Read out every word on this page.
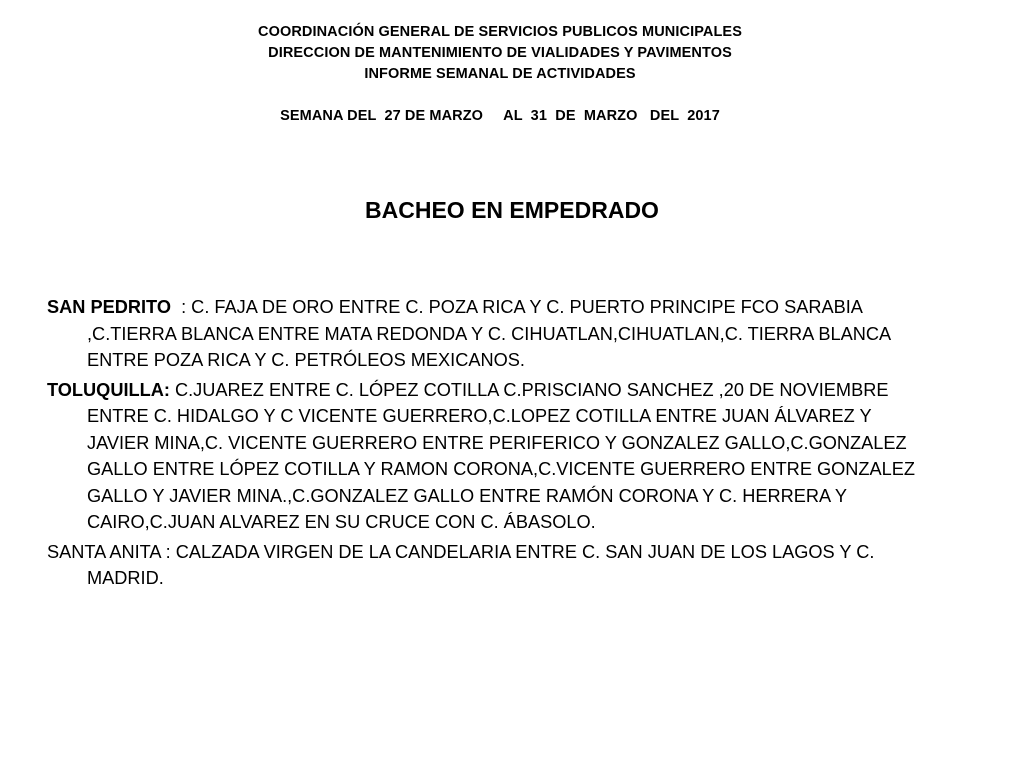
COORDINACIÓN GENERAL DE SERVICIOS PUBLICOS MUNICIPALES
DIRECCION DE MANTENIMIENTO DE VIALIDADES Y PAVIMENTOS
INFORME SEMANAL DE ACTIVIDADES
SEMANA DEL  27 DE MARZO     AL  31  DE  MARZO   DEL  2017
BACHEO EN EMPEDRADO

SAN PEDRITO  : C. FAJA DE ORO ENTRE C. POZA RICA Y C. PUERTO PRINCIPE FCO SARABIA ,C.TIERRA BLANCA ENTRE MATA REDONDA Y C. CIHUATLAN,CIHUATLAN,C. TIERRA BLANCA ENTRE POZA RICA Y C. PETRÓLEOS MEXICANOS.

TOLUQUILLA: C.JUAREZ ENTRE C. LÓPEZ COTILLA C.PRISCIANO SANCHEZ ,20 DE NOVIEMBRE ENTRE C. HIDALGO Y C VICENTE GUERRERO,C.LOPEZ COTILLA ENTRE JUAN ÁLVAREZ Y JAVIER MINA,C. VICENTE GUERRERO ENTRE PERIFERICO Y GONZALEZ GALLO,C.GONZALEZ GALLO ENTRE LÓPEZ COTILLA Y RAMON CORONA,C.VICENTE GUERRERO ENTRE GONZALEZ GALLO Y JAVIER MINA.,C.GONZALEZ GALLO ENTRE RAMÓN CORONA Y C. HERRERA Y CAIRO,C.JUAN ALVAREZ EN SU CRUCE CON C. ÁBASOLO.

SANTA ANITA : CALZADA VIRGEN DE LA CANDELARIA ENTRE C. SAN JUAN DE LOS LAGOS Y C. MADRID.
